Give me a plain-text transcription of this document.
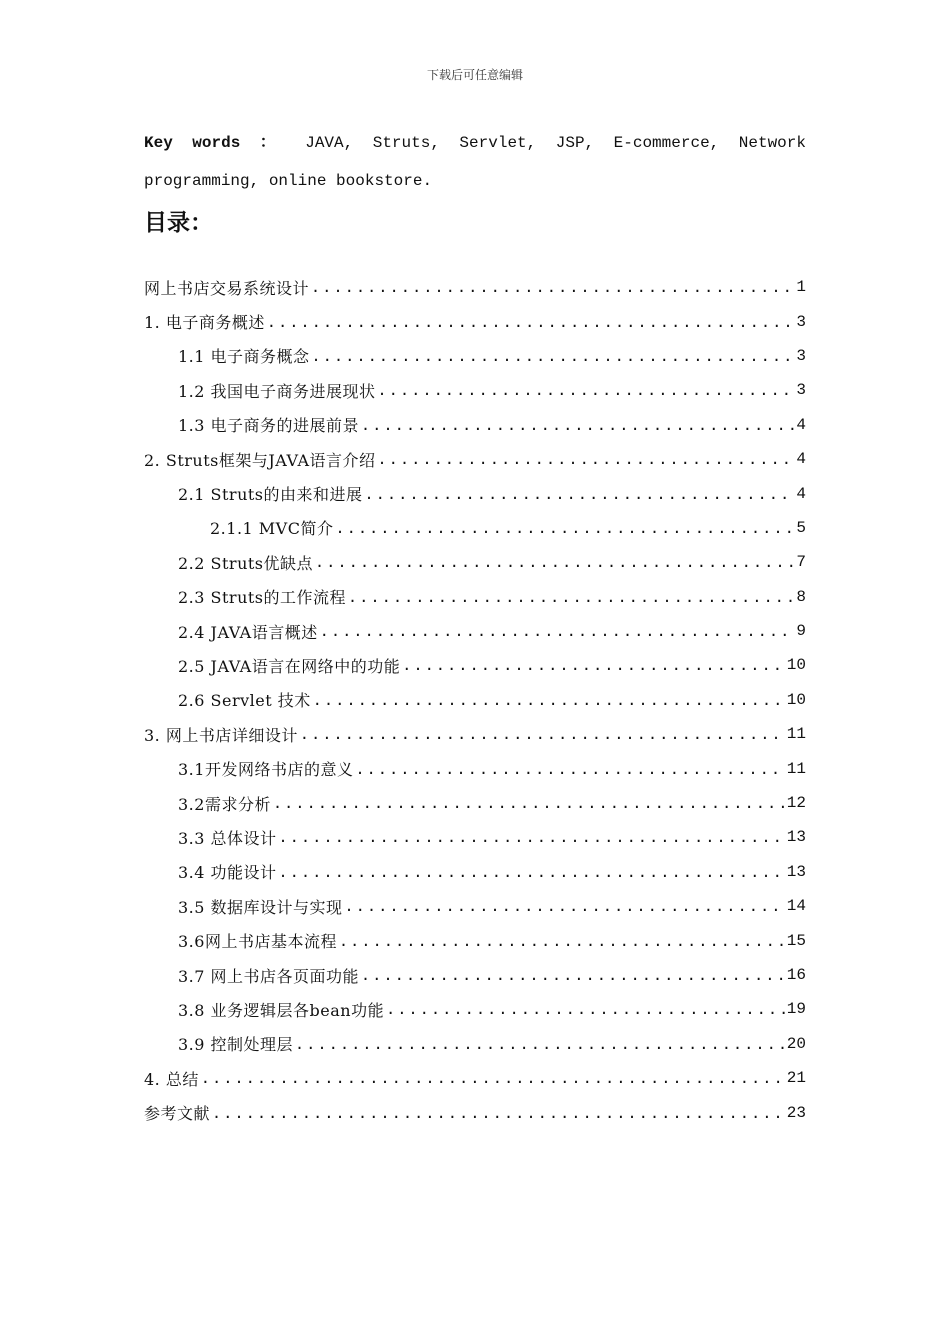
下载后可任意编辑
Key words ： JAVA, Struts, Servlet, JSP, E-commerce, Network programming, online bookstore.
目录：
网上书店交易系统设计 .....	1
1. 电子商务概述 .....	3
1.1 电子商务概念 .....	3
1.2 我国电子商务进展现状 .....	3
1.3 电子商务的进展前景 .....	4
2. Struts框架与JAVA语言介绍 .....	4
2.1 Struts的由来和进展 .....	4
2.1.1 MVC简介 .....	5
2.2 Struts优缺点 .....	7
2.3 Struts的工作流程 .....	8
2.4 JAVA语言概述 .....	9
2.5 JAVA语言在网络中的功能 .....	10
2.6 Servlet 技术 .....	10
3. 网上书店详细设计 .....	11
3.1开发网络书店的意义 .....	11
3.2需求分析 .....	12
3.3 总体设计 .....	13
3.4 功能设计 .....	13
3.5 数据库设计与实现 .....	14
3.6网上书店基本流程 .....	15
3.7 网上书店各页面功能 .....	16
3.8 业务逻辑层各bean功能 .....	19
3.9 控制处理层 .....	20
4. 总结 .....	21
参考文献 .....	23
